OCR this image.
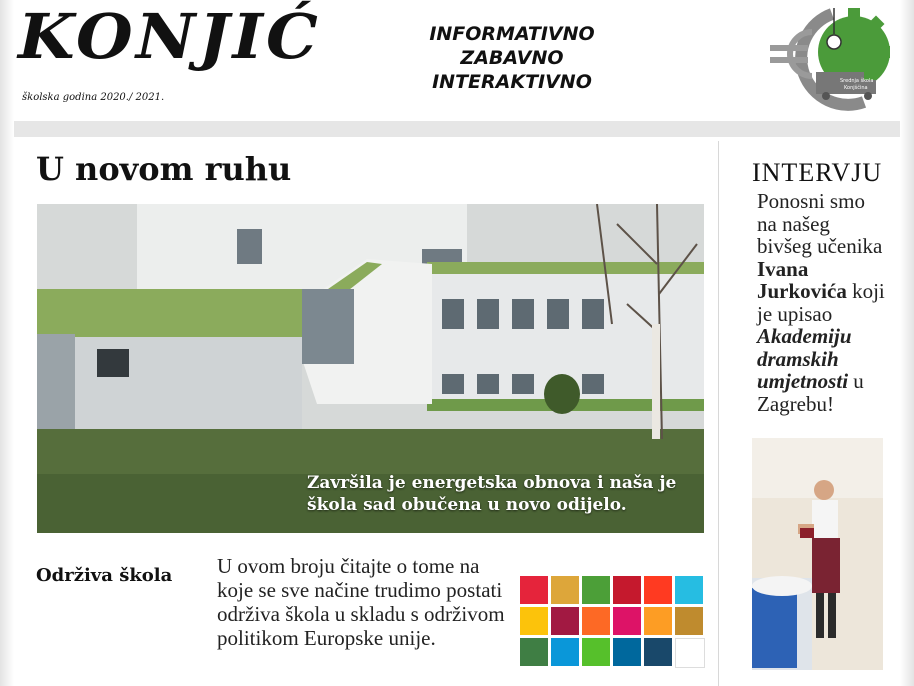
KONJIĆ
školska godina 2020./ 2021.
INFORMATIVNO
ZABAVNO
INTERAKTIVNO	Srednja škola
Konjščina
U novom ruhu
Završila je energetska obnova i naša je škola sad obučena u novo odijelo.
Održiva škola U ovom broju čitajte o tome na koje se sve načine trudimo postati održiva škola u skladu s održivom politikom Europske unije.
INTERVJU
Ponosni smo na našeg bivšeg učenika Ivana Jurkovića koji je upisao Akademiju dramskih umjetnosti u Zagrebu!
